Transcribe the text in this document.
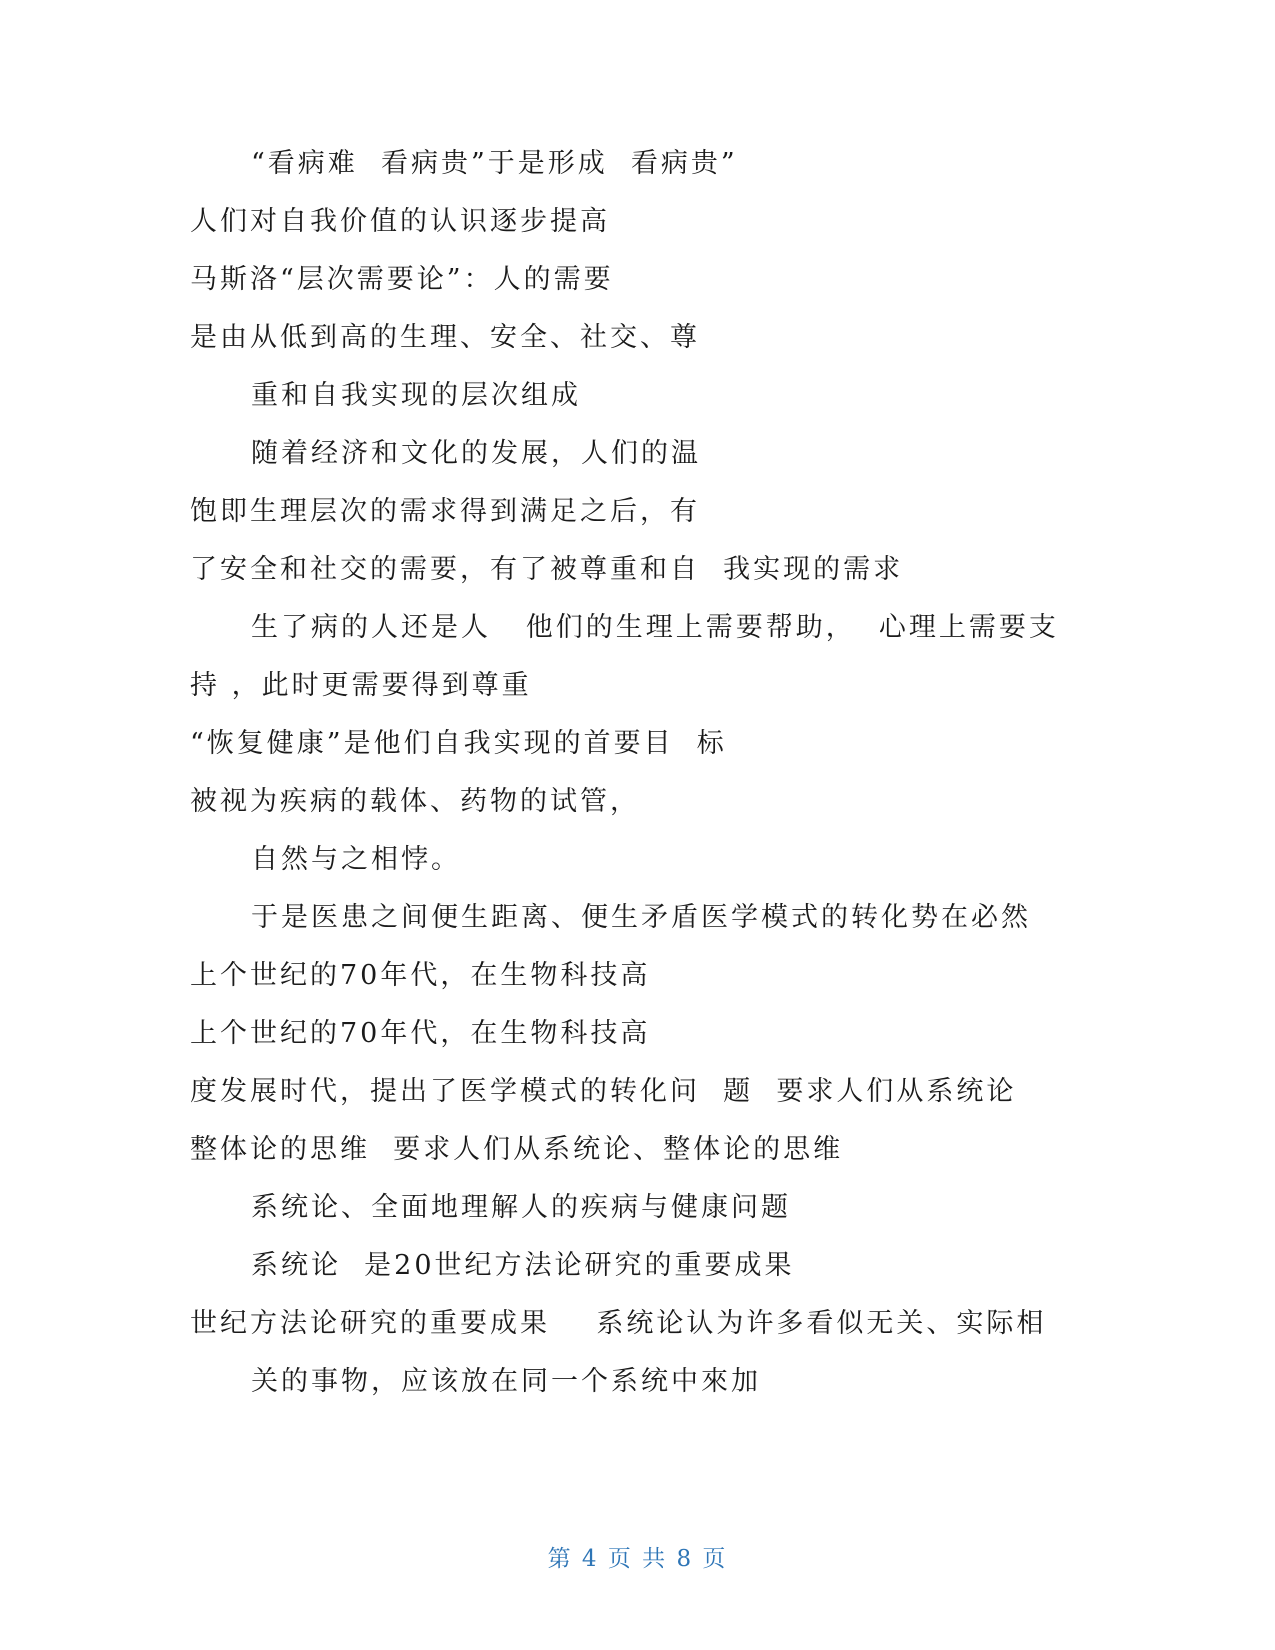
“看病难  看病贵”于是形成  看病贵”
人们对自我价值的认识逐步提高
马斯洛“层次需要论”：人的需要
是由从低到高的生理、安全、社交、尊
重和自我实现的层次组成
随着经济和文化的发展，人们的温
饱即生理层次的需求得到满足之后，有
了安全和社交的需要，有了被尊重和自  我实现的需求
生了病的人还是人   他们的生理上需要帮助，  心理上需要支
持 ，此时更需要得到尊重
“恢复健康”是他们自我实现的首要目  标
被视为疾病的载体、药物的试管，
自然与之相悖。
于是医患之间便生距离、便生矛盾医学模式的转化势在必然
上个世纪的70年代，在生物科技高
上个世纪的70年代，在生物科技高
度发展时代，提出了医学模式的转化问  题  要求人们从系统论
整体论的思维  要求人们从系统论、整体论的思维
系统论、全面地理解人的疾病与健康问题
系统论  是20世纪方法论研究的重要成果
世纪方法论研究的重要成果    系统论认为许多看似无关、实际相
关的事物，应该放在同一个系统中來加
第 4 页 共 8 页
